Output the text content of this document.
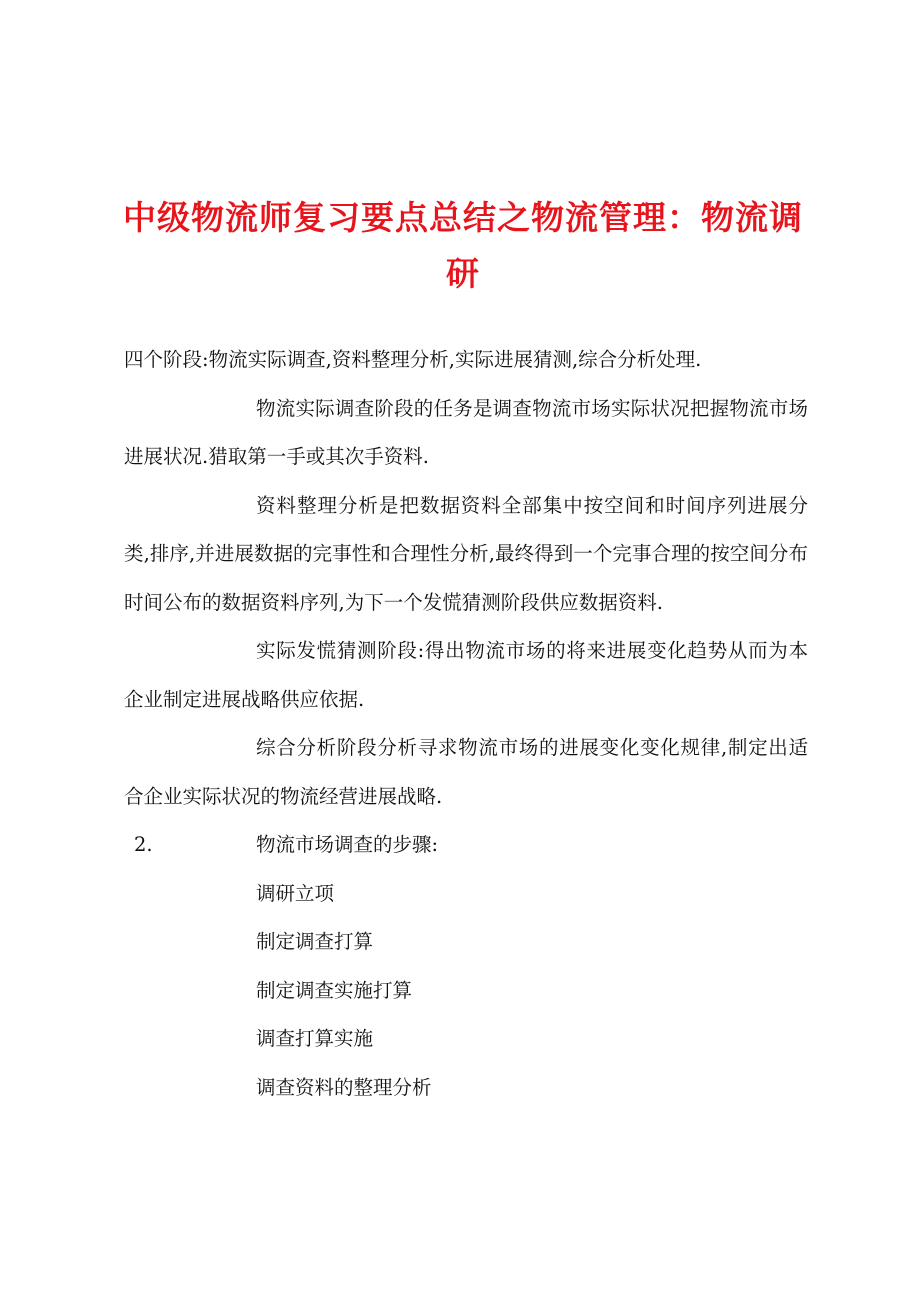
中级物流师复习要点总结之物流管理：物流调研

四个阶段:物流实际调查,资料整理分析,实际进展猜测,综合分析处理.

物流实际调查阶段的任务是调查物流市场实际状况把握物流市场进展状况.猎取第一手或其次手资料.

资料整理分析是把数据资料全部集中按空间和时间序列进展分类,排序,并进展数据的完事性和合理性分析,最终得到一个完事合理的按空间分布时间公布的数据资料序列,为下一个发慌猜测阶段供应数据资料.

实际发慌猜测阶段:得出物流市场的将来进展变化趋势从而为本企业制定进展战略供应依据.

综合分析阶段分析寻求物流市场的进展变化变化规律,制定出适合企业实际状况的物流经营进展战略.

2.	物流市场调查的步骤:

调研立项

制定调查打算

制定调查实施打算

调查打算实施

调查资料的整理分析
